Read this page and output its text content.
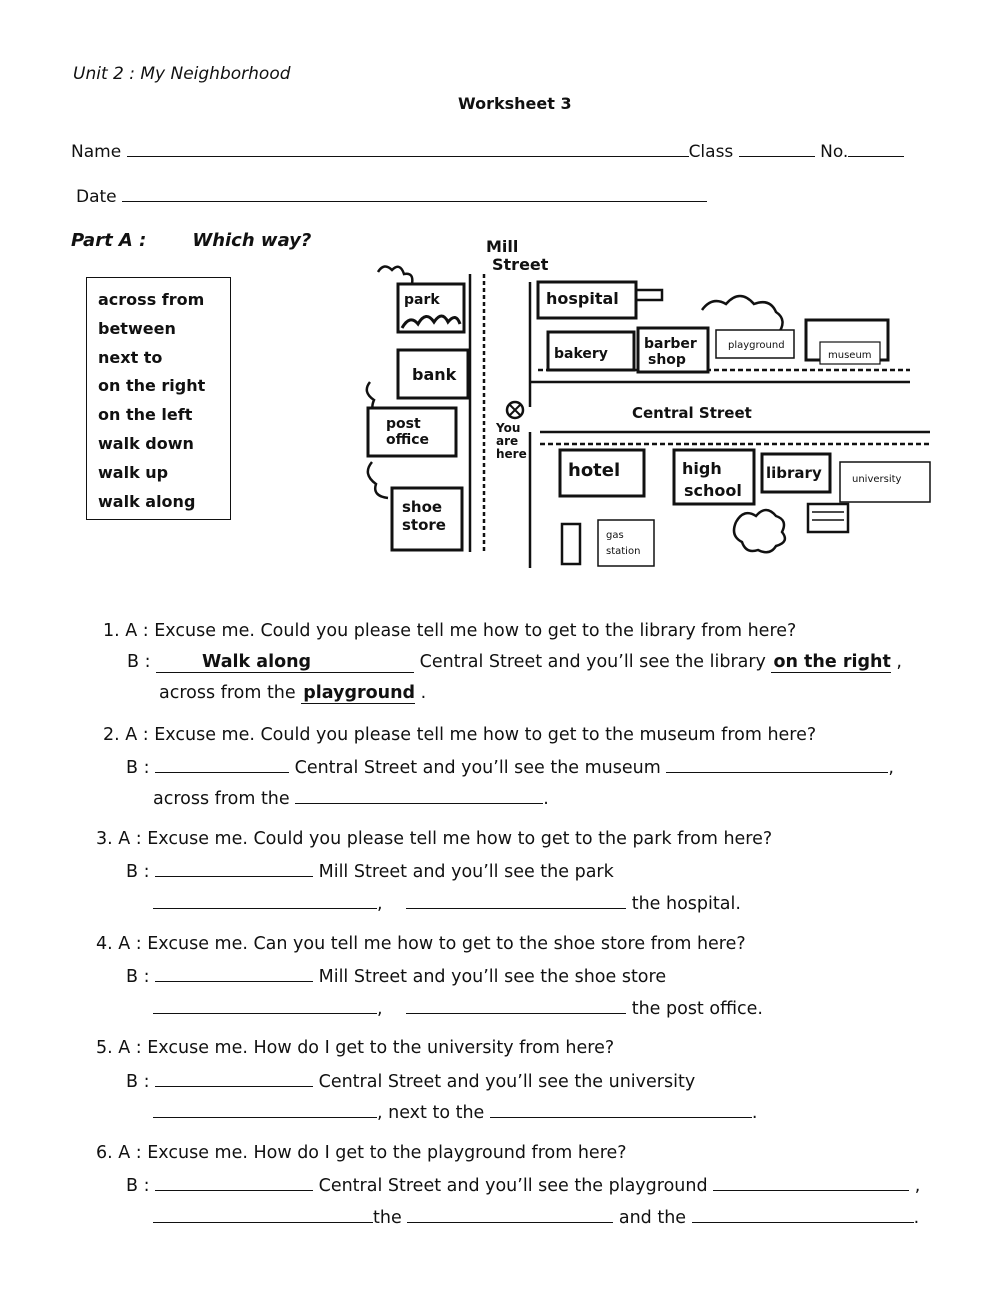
Unit 2 : My Neighborhood
Worksheet 3
Name	Class	No.
Date
Part A :	Which way?
across from
between
next to
on the right
on the left
walk down
walk up
walk along
park
bank
post
office
shoe
store
Mill
Street
Central Street
You
are
here
hospital
bakery
barber
shop
playground
museum
hotel	high
school
library	university
gas
station
1. A : Excuse me. Could you please tell me how to get to the library from here?
B :	Walk along	Central Street and you’ll see the library on the right ,
across from the playground .
2. A : Excuse me. Could you please tell me how to get to the museum from here?
B :	Central Street and you’ll see the museum	,
across from the	.
3. A : Excuse me. Could you please tell me how to get to the park from here?
B :	Mill Street and you’ll see the park
,	the hospital.
4. A : Excuse me. Can you tell me how to get to the shoe store from here?
B :	Mill Street and you’ll see the shoe store
,	the post office.
5. A : Excuse me. How do I get to the university from here?
B :	Central Street and you’ll see the university
, next to the	.
6. A : Excuse me. How do I get to the playground from here?
B :	Central Street and you’ll see the playground	,
the	and the	.
